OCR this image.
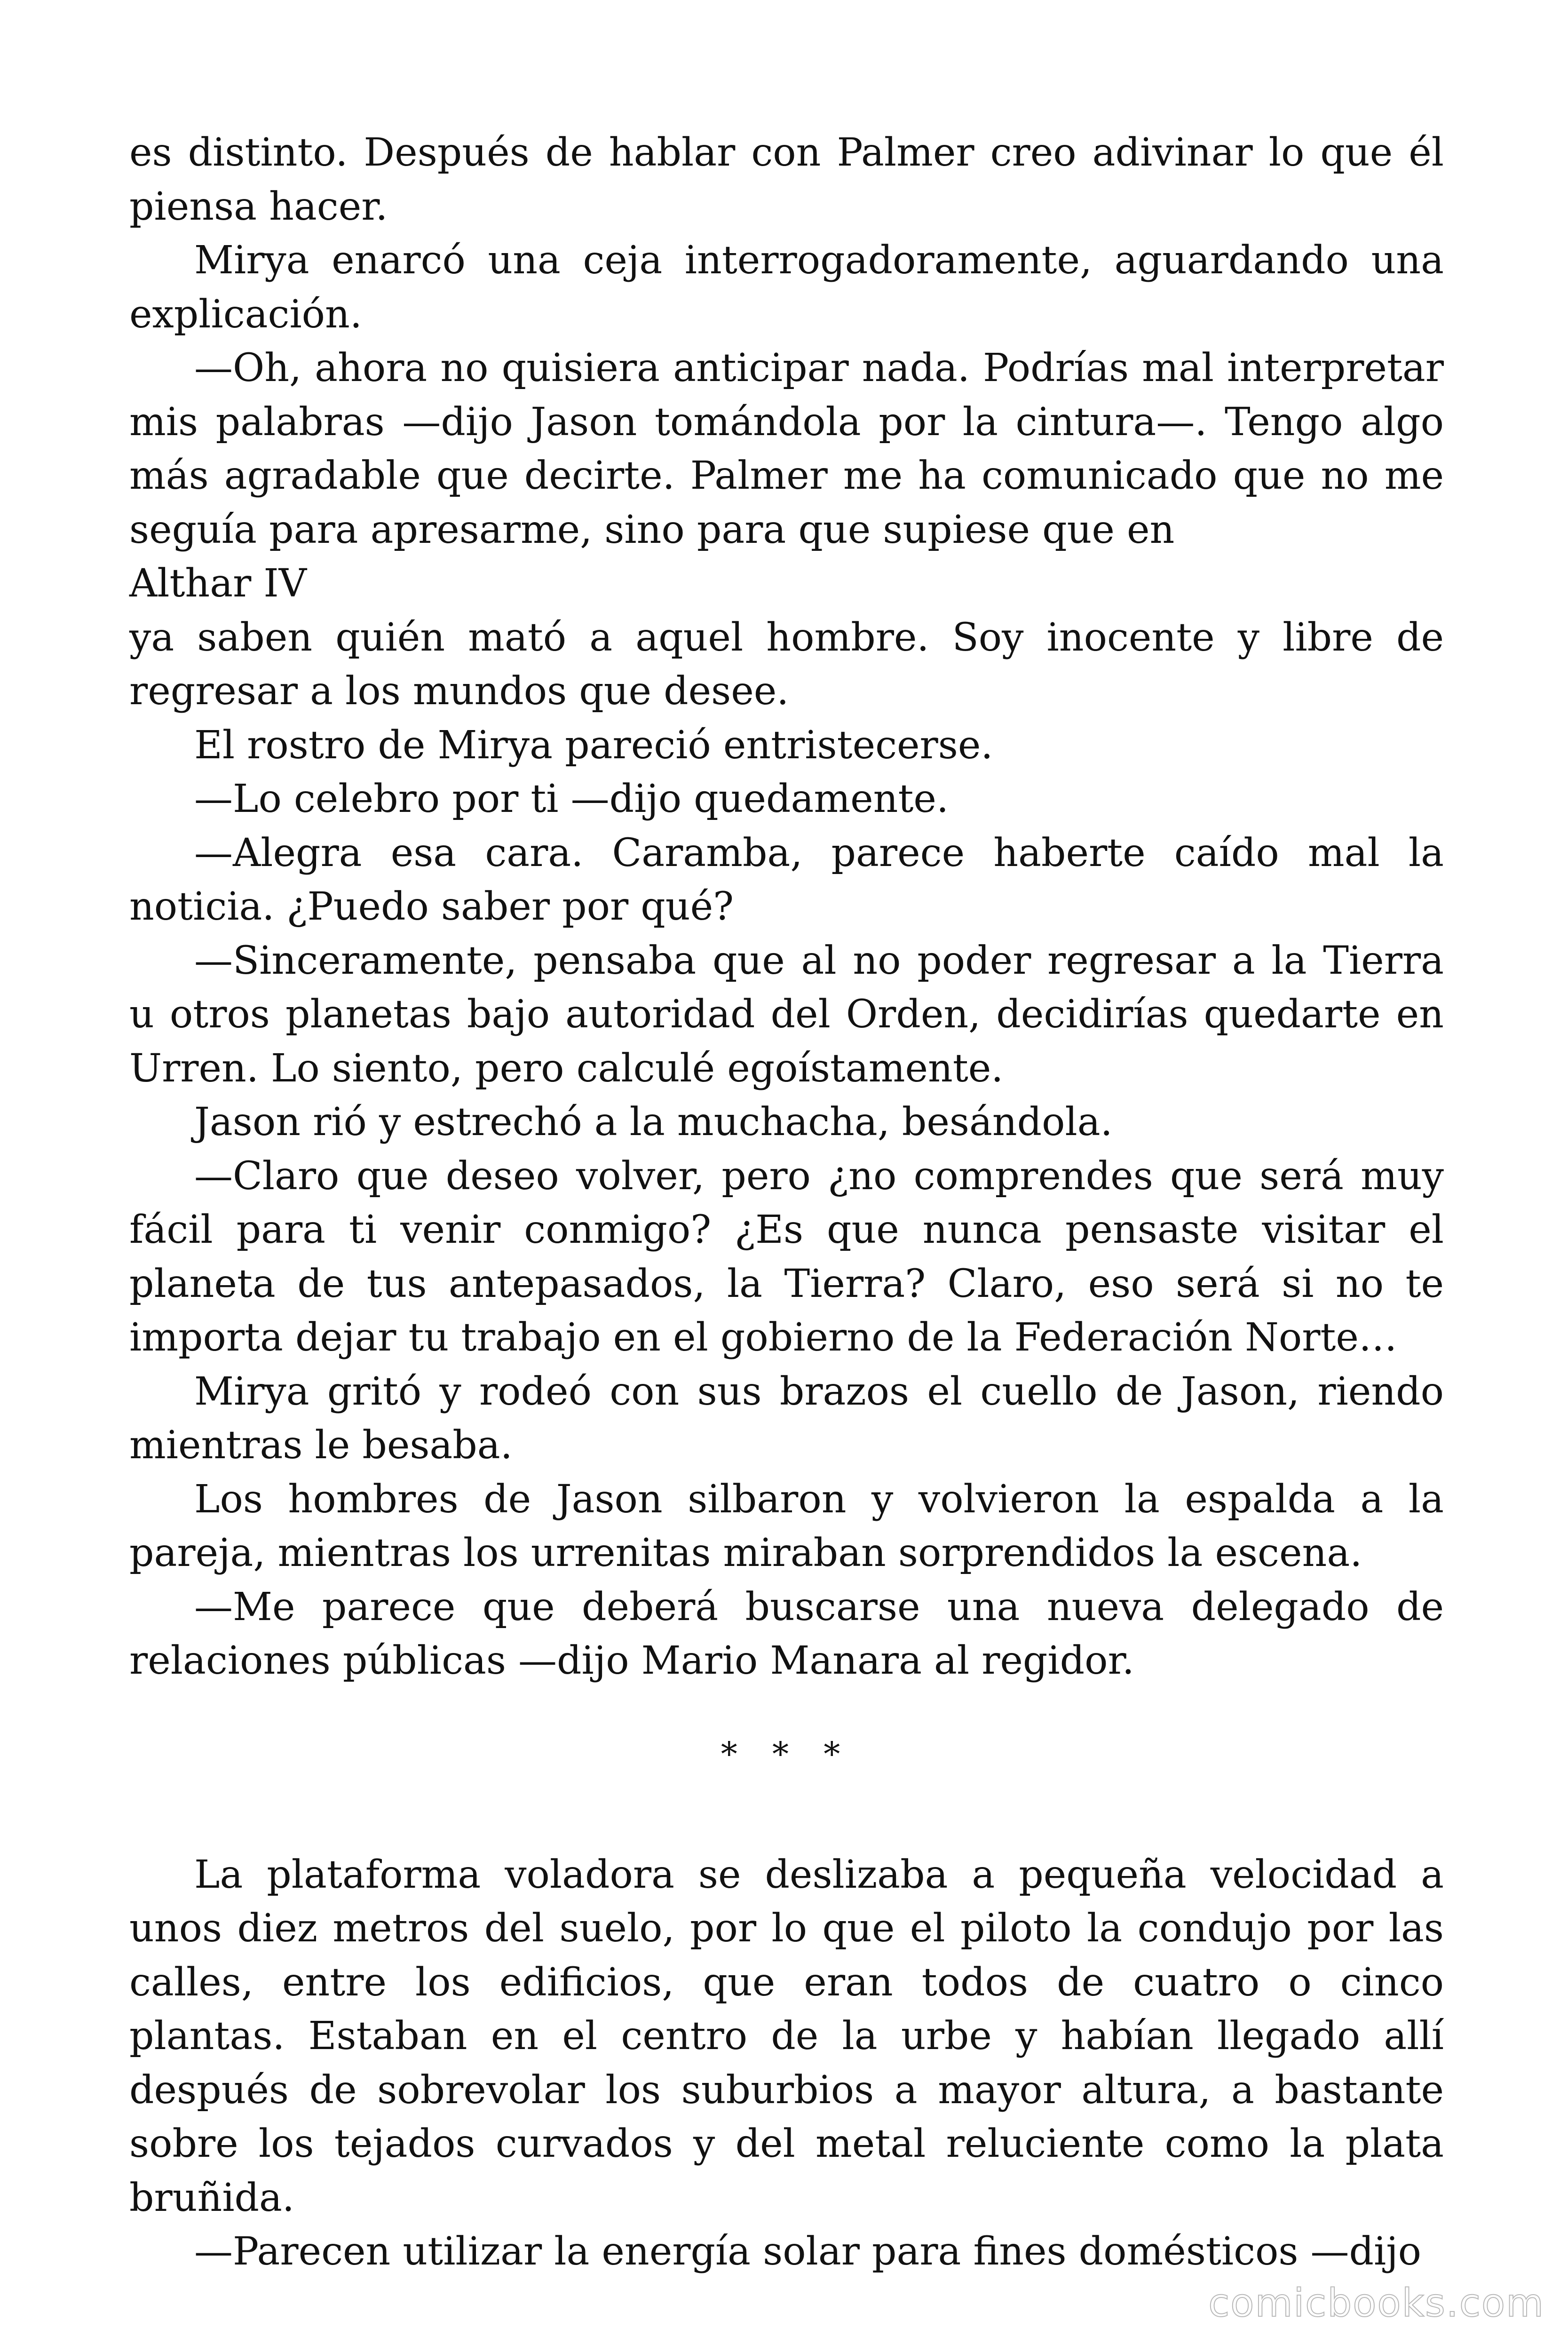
es distinto. Después de hablar con Palmer creo adivinar lo que él piensa hacer.

Mirya enarcó una ceja interrogadoramente, aguardando una explicación.

—Oh, ahora no quisiera anticipar nada. Podrías mal interpretar mis palabras —dijo Jason tomándola por la cintura—. Tengo algo más agradable que decirte. Palmer me ha comunicado que no me seguía para apresarme, sino para que supiese que en

Althar IV

ya saben quién mató a aquel hombre. Soy inocente y libre de regresar a los mundos que desee.

El rostro de Mirya pareció entristecerse.

—Lo celebro por ti —dijo quedamente.

—Alegra esa cara. Caramba, parece haberte caído mal la noticia. ¿Puedo saber por qué?

—Sinceramente, pensaba que al no poder regresar a la Tierra u otros planetas bajo autoridad del Orden, decidirías quedarte en Urren. Lo siento, pero calculé egoístamente.

Jason rió y estrechó a la muchacha, besándola.

—Claro que deseo volver, pero ¿no comprendes que será muy fácil para ti venir conmigo? ¿Es que nunca pensaste visitar el planeta de tus antepasados, la Tierra? Claro, eso será si no te importa dejar tu trabajo en el gobierno de la Federación Norte…

Mirya gritó y rodeó con sus brazos el cuello de Jason, riendo mientras le besaba.

Los hombres de Jason silbaron y volvieron la espalda a la pareja, mientras los urrenitas miraban sorprendidos la escena.

—Me parece que deberá buscarse una nueva delegado de relaciones públicas —dijo Mario Manara al regidor.

* * *

La plataforma voladora se deslizaba a pequeña velocidad a unos diez metros del suelo, por lo que el piloto la condujo por las calles, entre los edificios, que eran todos de cuatro o cinco plantas. Estaban en el centro de la urbe y habían llegado allí después de sobrevolar los suburbios a mayor altura, a bastante sobre los tejados curvados y del metal reluciente como la plata bruñida.

—Parecen utilizar la energía solar para fines domésticos —dijo

comicbooks.com
